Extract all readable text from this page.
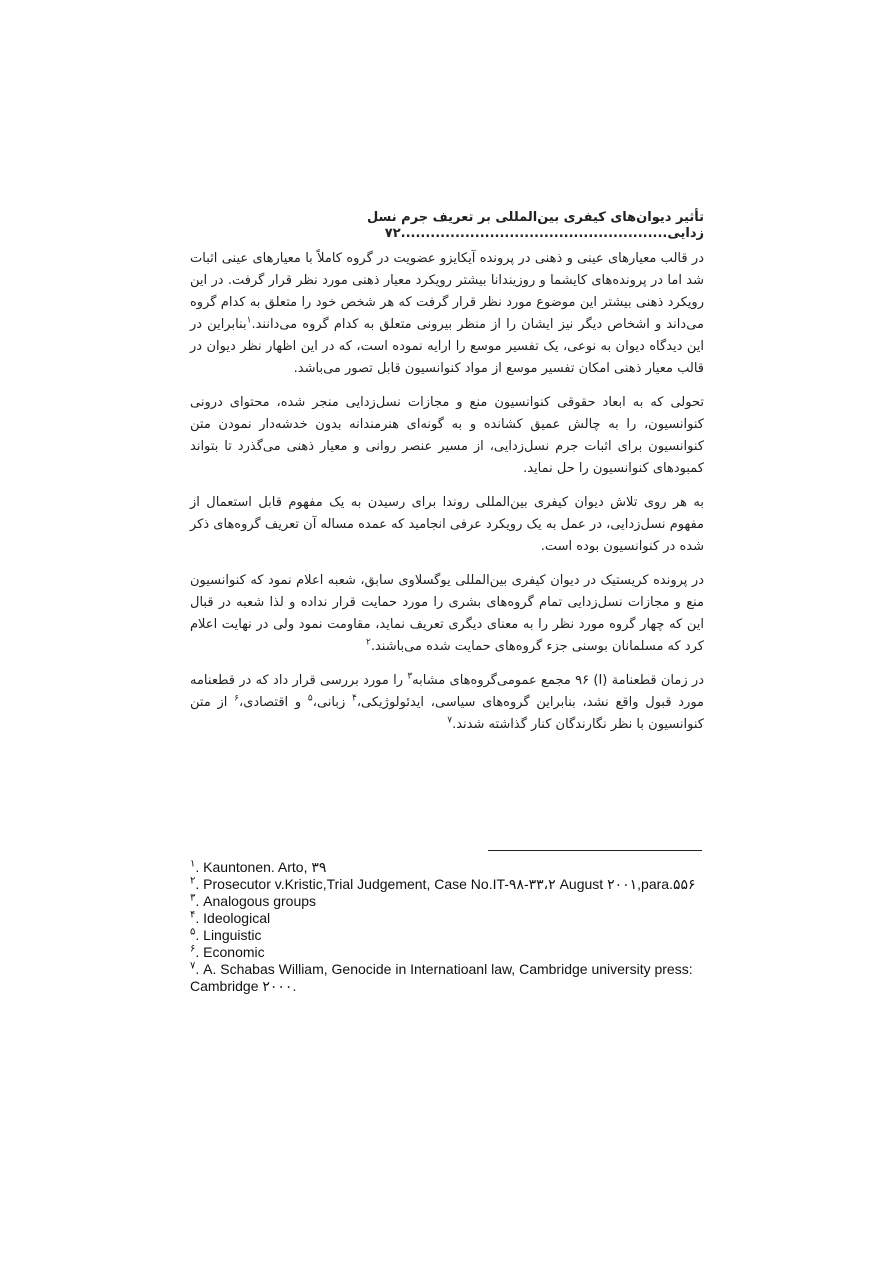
تأثیر دیوان‌های کیفری بین‌المللی بر تعریف جرم نسل
زدایی......................................................۷۲

در قالب معیارهای عینی و ذهنی در پرونده آیکایزو عضویت در گروه کاملاً با معیارهای عینی اثبات شد اما در پرونده‌های کایشما و روزیندانا بیشتر رویکرد معیار ذهنی مورد نظر قرار گرفت. در این رویکرد ذهنی بیشتر این موضوع مورد نظر قرار گرفت که هر شخص خود را متعلق به کدام گروه می‌داند و اشخاص دیگر نیز ایشان را از منظر بیرونی متعلق به کدام گروه می‌دانند.$^۱$بنابراین در این دیدگاه دیوان به نوعی، یک تفسیر موسع را ارایه نموده است، که در این اظهار نظر دیوان در قالب معیار ذهنی امکان تفسیر موسع از مواد کنوانسیون قابل تصور می‌باشد.

تحولی که به ابعاد حقوقی کنوانسیون منع و مجازات نسل‌زدایی منجر شده، محتوای درونی کنوانسیون، را به چالش عمیق کشانده و به گونه‌ای هنرمندانه بدون خدشه‌دار نمودن متن کنوانسیون برای اثبات جرم نسل‌زدایی، از مسیر عنصر روانی و معیار ذهنی می‌گذرد تا بتواند کمبودهای کنوانسیون را حل نماید.

به هر روی تلاش دیوان کیفری بین‌المللی روندا برای رسیدن به یک مفهوم قابل استعمال از مفهوم نسل‌زدایی، در عمل به یک رویکرد عرفی انجامید که عمده مساله آن تعریف گروه‌های ذکر شده در کنوانسیون بوده است.

در پرونده کریستیک در دیوان کیفری بین‌المللی یوگسلاوی سابق، شعبه اعلام نمود که کنوانسیون منع و مجازات نسل‌زدایی تمام گروه‌های بشری را مورد حمایت قرار نداده و لذا شعبه در قبال این که چهار گروه مورد نظر را به معنای دیگری تعریف نماید، مقاومت نمود ولی در نهایت اعلام کرد که مسلمانان بوسنی جزء گروه‌های حمایت شده می‌باشند.$^۲$

در زمان قطعنامة (I) ۹۶ مجمع عمومی‌گروه‌های مشابه$^۳$ را مورد بررسی قرار داد که در قطعنامه مورد قبول واقع نشد، بنابراین گروه‌های سیاسی، ایدئولوژیکی،$^۴$ زبانی،$^۵$ و اقتصادی،$^۶$ از متن کنوانسیون با نظر نگارندگان کنار گذاشته شدند.$^۷$

$^۱$. Kauntonen. Arto, ۳۹

$^۲$. Prosecutor v.Kristic,Trial Judgement, Case No.IT-۹۸-۳۳،۲ August ۲۰۰۱,para.۵۵۶

$^۳$. Analogous groups

$^۴$. Ideological

$^۵$. Linguistic

$^۶$. Economic

$^۷$. A. Schabas William, Genocide in Internatioanl law, Cambridge university press: Cambridge ۲۰۰۰.
